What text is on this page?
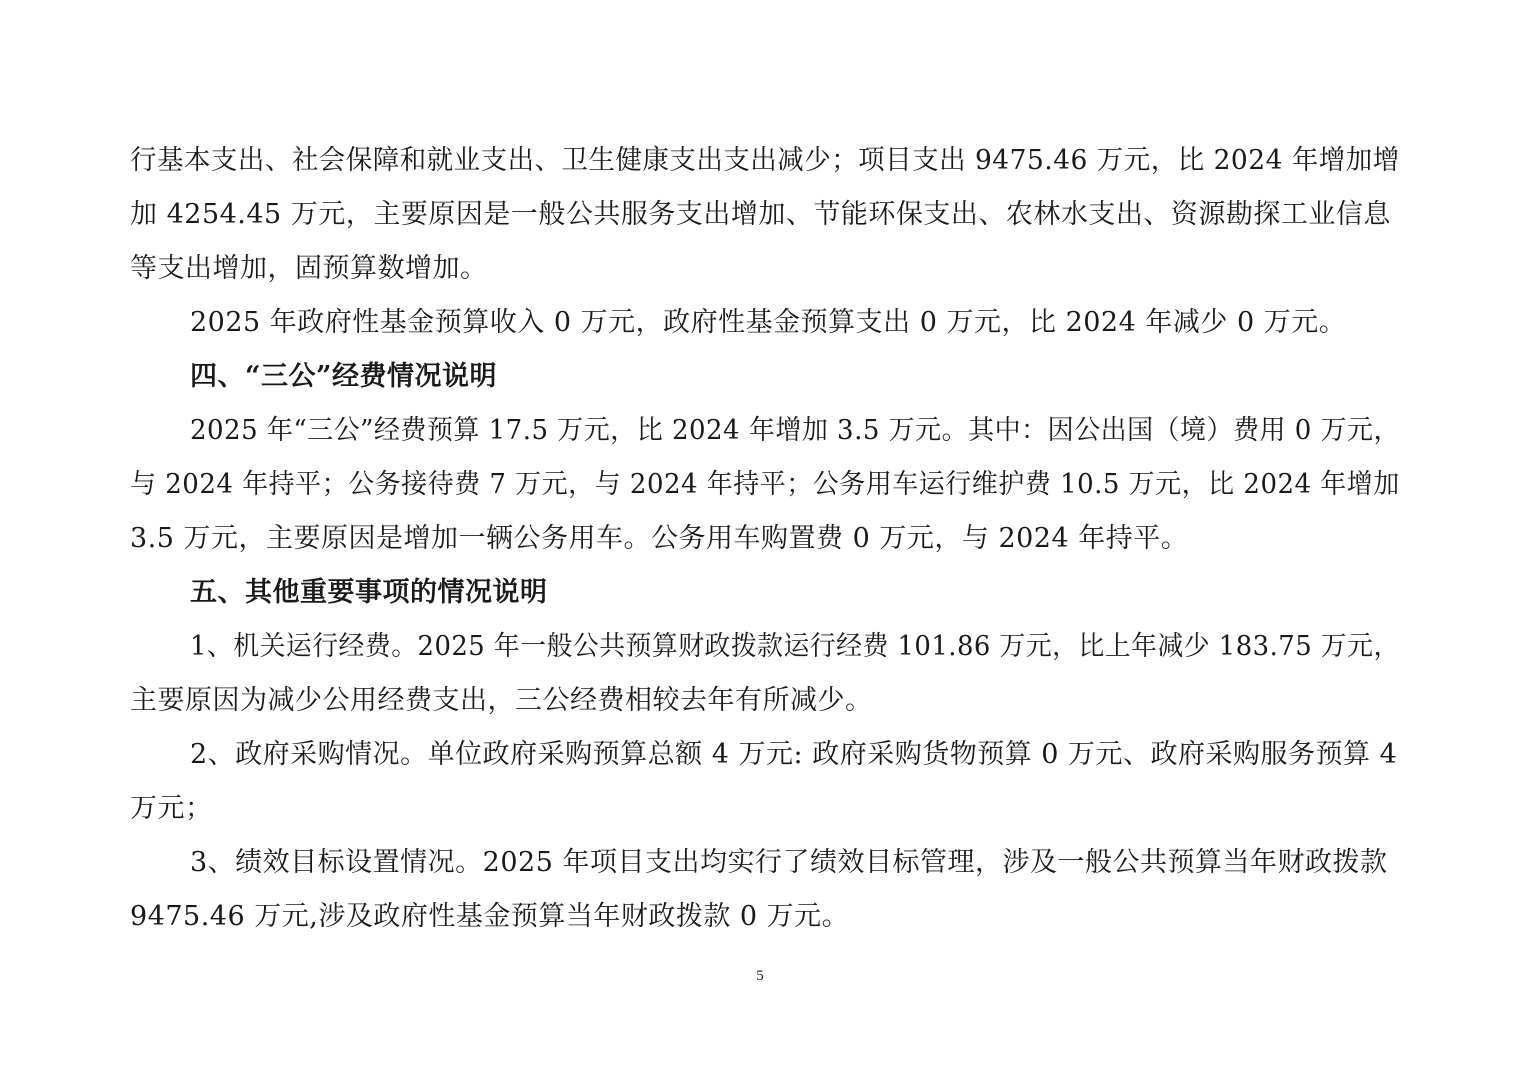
行基本支出、社会保障和就业支出、卫生健康支出支出减少；项目支出 9475.46 万元，比 2024 年增加增
加 4254.45 万元，主要原因是一般公共服务支出增加、节能环保支出、农林水支出、资源勘探工业信息
等支出增加，固预算数增加。
2025 年政府性基金预算收入 0 万元，政府性基金预算支出 0 万元，比 2024 年减少 0 万元。
四、“三公”经费情况说明
2025 年“三公”经费预算 17.5 万元，比 2024 年增加 3.5 万元。其中：因公出国（境）费用 0 万元，
与 2024 年持平；公务接待费 7 万元，与 2024 年持平；公务用车运行维护费 10.5 万元，比 2024 年增加
3.5 万元，主要原因是增加一辆公务用车。公务用车购置费 0 万元，与 2024 年持平。
五、其他重要事项的情况说明
1、机关运行经费。2025 年一般公共预算财政拨款运行经费 101.86 万元，比上年减少 183.75 万元，
主要原因为减少公用经费支出，三公经费相较去年有所减少。
2、政府采购情况。单位政府采购预算总额 4 万元: 政府采购货物预算 0 万元、政府采购服务预算 4
万元；
3、绩效目标设置情况。2025 年项目支出均实行了绩效目标管理，涉及一般公共预算当年财政拨款
9475.46 万元,涉及政府性基金预算当年财政拨款 0 万元。
5
